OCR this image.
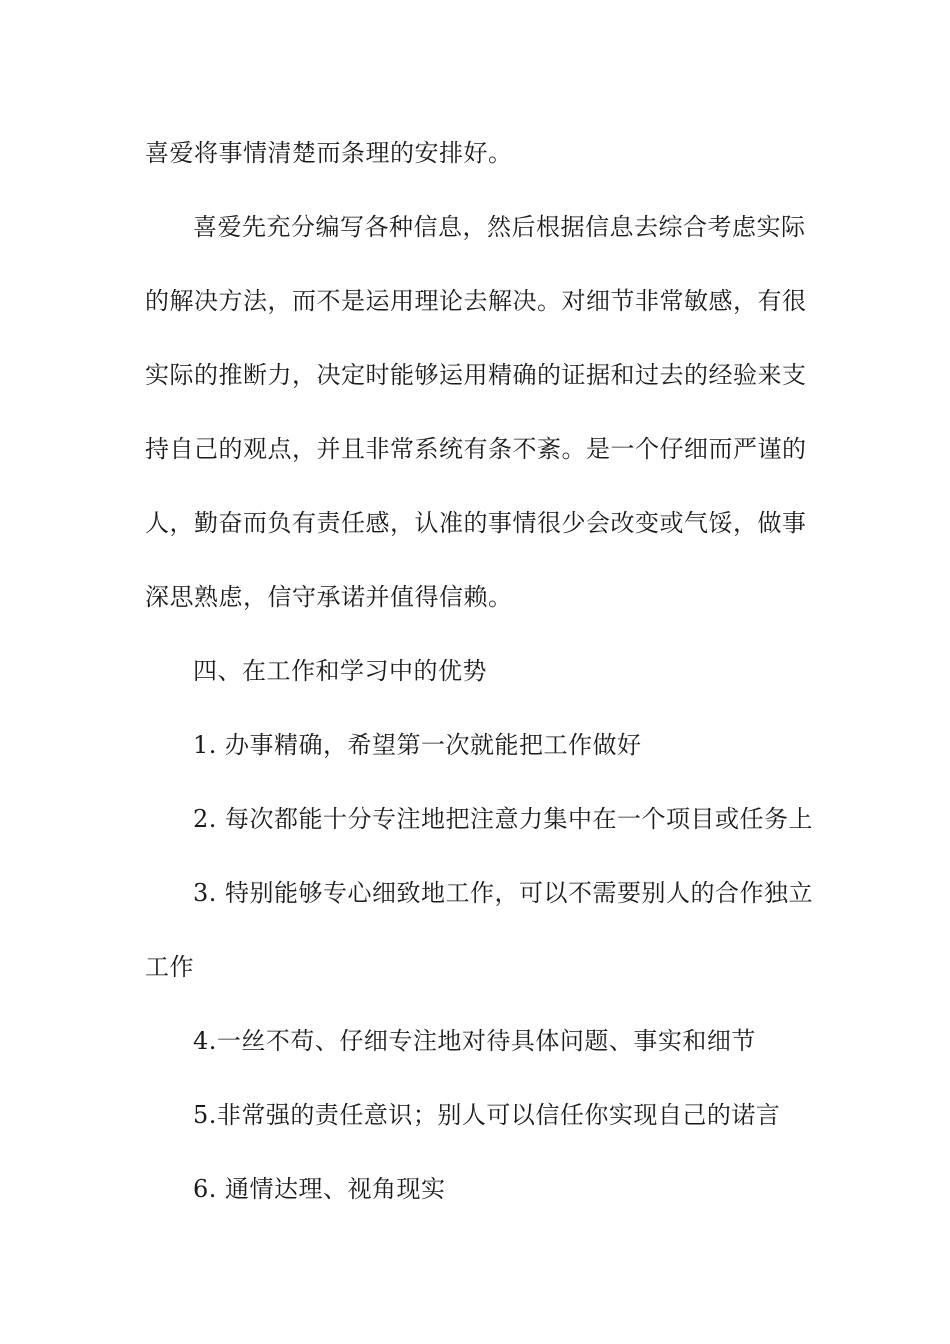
喜爱将事情清楚而条理的安排好。
喜爱先充分编写各种信息，然后根据信息去综合考虑实际
的解决方法，而不是运用理论去解决。对细节非常敏感，有很
实际的推断力，决定时能够运用精确的证据和过去的经验来支
持自己的观点，并且非常系统有条不紊。是一个仔细而严谨的
人，勤奋而负有责任感，认准的事情很少会改变或气馁，做事
深思熟虑，信守承诺并值得信赖。
四、在工作和学习中的优势
1. 办事精确，希望第一次就能把工作做好
2. 每次都能十分专注地把注意力集中在一个项目或任务上
3. 特别能够专心细致地工作，可以不需要别人的合作独立
工作
4.一丝不苟、仔细专注地对待具体问题、事实和细节
5.非常强的责任意识；别人可以信任你实现自己的诺言
6. 通情达理、视角现实
